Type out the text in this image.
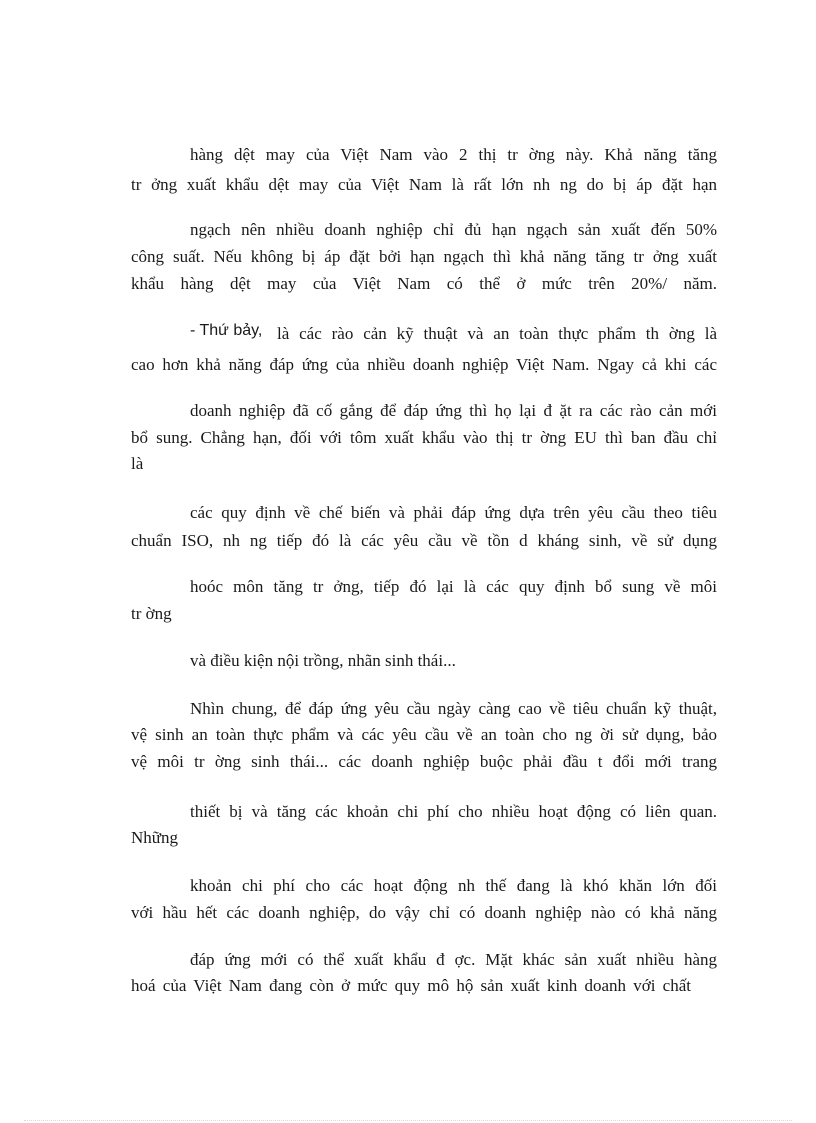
hàng dệt may của Việt Nam vào 2 thị tr ờng này. Khả năng tăng

tr ởng xuất khẩu dệt may của Việt Nam là rất lớn nh ng do bị áp đặt hạn

ngạch nên nhiều doanh nghiệp chỉ đủ hạn ngạch sản xuất đến 50%

công suất. Nếu không bị áp đặt bởi hạn ngạch thì khả năng tăng tr ởng xuất

khẩu hàng dệt may của Việt Nam có thể ở mức trên 20%/ năm.

- Thứ bảy, là các rào cản kỹ thuật và an toàn thực phẩm th ờng là

cao hơn khả năng đáp ứng của nhiều doanh nghiệp Việt Nam. Ngay cả khi các

doanh nghiệp đã cố gắng để đáp ứng thì họ lại đ ặt ra các rào cản mới

bổ sung. Chẳng hạn, đối với tôm xuất khẩu vào thị tr ờng EU thì ban đầu chỉ

là

các quy định về chế biến và phải đáp ứng dựa trên yêu cầu theo tiêu

chuẩn ISO, nh ng tiếp đó là các yêu cầu về tồn d kháng sinh, về sử dụng

hoóc môn tăng tr ởng, tiếp đó lại là các quy định bổ sung về môi

tr ờng

và điều kiện nội trồng, nhãn sinh thái...

Nhìn chung, để đáp ứng yêu cầu ngày càng cao về tiêu chuẩn kỹ thuật,

vệ sinh an toàn thực phẩm và các yêu cầu về an toàn cho ng ời sử dụng, bảo

vệ môi tr ờng sinh thái... các doanh nghiệp buộc phải đầu t đổi mới trang

thiết bị và tăng các khoản chi phí cho nhiều hoạt động có liên quan.

Những

khoản chi phí cho các hoạt động nh thế đang là khó khăn lớn đối

với hầu hết các doanh nghiệp, do vậy chỉ có doanh nghiệp nào có khả năng

đáp ứng mới có thể xuất khẩu đ ợc. Mặt khác sản xuất nhiều hàng

hoá của Việt Nam đang còn ở mức quy mô hộ sản xuất kinh doanh với chất
